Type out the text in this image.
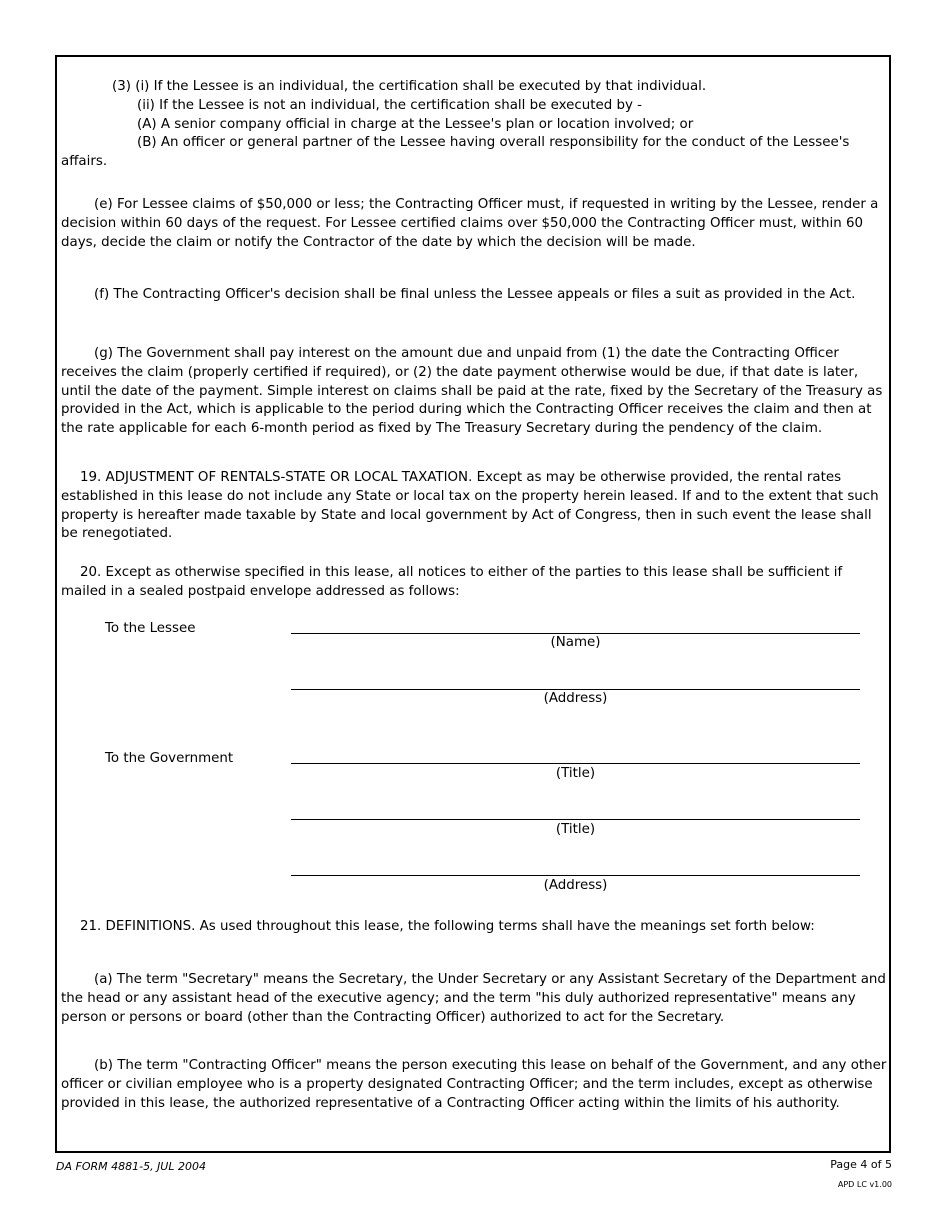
(3) (i) If the Lessee is an individual, the certification shall be executed by that individual.
(ii) If the Lessee is not an individual, the certification shall be executed by -
(A) A senior company official in charge at the Lessee's plan or location involved; or
(B) An officer or general partner of the Lessee having overall responsibility for the conduct of the Lessee's
affairs.

(e) For Lessee claims of $50,000 or less; the Contracting Officer must, if requested in writing by the Lessee, render a decision within 60 days of the request. For Lessee certified claims over $50,000 the Contracting Officer must, within 60 days, decide the claim or notify the Contractor of the date by which the decision will be made.

(f) The Contracting Officer's decision shall be final unless the Lessee appeals or files a suit as provided in the Act.

(g) The Government shall pay interest on the amount due and unpaid from (1) the date the Contracting Officer receives the claim (properly certified if required), or (2) the date payment otherwise would be due, if that date is later, until the date of the payment. Simple interest on claims shall be paid at the rate, fixed by the Secretary of the Treasury as provided in the Act, which is applicable to the period during which the Contracting Officer receives the claim and then at the rate applicable for each 6-month period as fixed by The Treasury Secretary during the pendency of the claim.

19. ADJUSTMENT OF RENTALS-STATE OR LOCAL TAXATION. Except as may be otherwise provided, the rental rates established in this lease do not include any State or local tax on the property herein leased. If and to the extent that such property is hereafter made taxable by State and local government by Act of Congress, then in such event the lease shall be renegotiated.

20. Except as otherwise specified in this lease, all notices to either of the parties to this lease shall be sufficient if mailed in a sealed postpaid envelope addressed as follows:

To the Lessee
(Name)
(Address)
To the Government
(Title)
(Title)
(Address)

21. DEFINITIONS. As used throughout this lease, the following terms shall have the meanings set forth below:

(a) The term "Secretary" means the Secretary, the Under Secretary or any Assistant Secretary of the Department and the head or any assistant head of the executive agency; and the term "his duly authorized representative" means any person or persons or board (other than the Contracting Officer) authorized to act for the Secretary.

(b) The term "Contracting Officer" means the person executing this lease on behalf of the Government, and any other officer or civilian employee who is a property designated Contracting Officer; and the term includes, except as otherwise provided in this lease, the authorized representative of a Contracting Officer acting within the limits of his authority.

DA FORM 4881-5, JUL 2004	Page 4 of 5
APD LC v1.00
